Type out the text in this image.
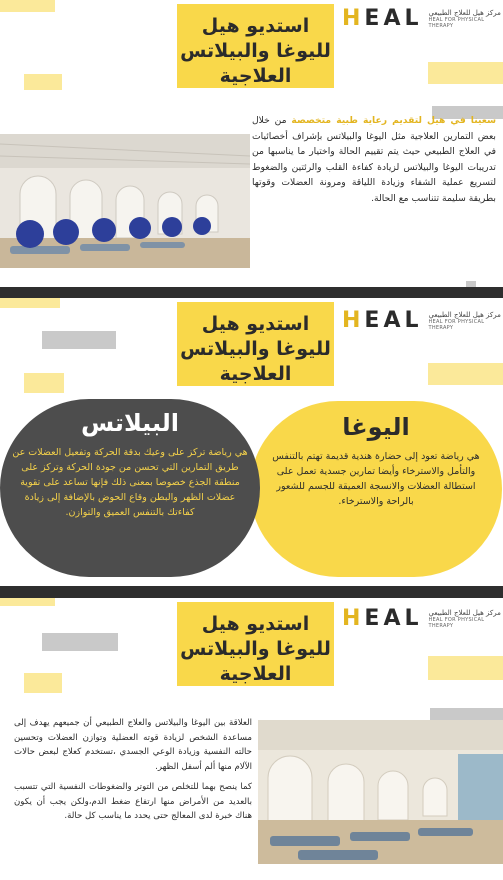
استديو هيل
لليوغا والبيلاتس
العلاجية
HEAL مركز هيل للعلاج الطبيعي
HEAL FOR PHYSICAL THERAPY
سعينا في هيل لتقديم رعاية طبية متخصصة من خلال بعض التمارين العلاجية مثل اليوغا والبيلاتس بإشراف أخصائيات في العلاج الطبيعي حيث يتم تقييم الحالة واختيار ما يناسبها من تدريبات اليوغا والبيلاتس لزيادة كفاءة القلب والرئتين والضغوط لتسريع عملية الشفاء وزيادة اللياقة ومرونة العضلات وقوتها بطريقة سليمة تتناسب مع الحالة.
استديو هيل
لليوغا والبيلاتس
العلاجية
HEAL مركز هيل للعلاج الطبيعي
HEAL FOR PHYSICAL THERAPY
اليوغا
هي رياضة تعود إلى حضارة هندية قديمة تهتم بالتنفس والتأمل والاسترخاء وأيضا تمارين جسدية تعمل على استطالة العضلات والانسجة العميقة للجسم للشعور بالراحة والاسترخاء.
البيلاتس
هي رياضة تركز على وعيك بدقة الحركة وتفعيل العضلات عن طريق التمارين التي تحسن من جودة الحركة وتركز على منطقة الجذع خصوصا بمعنى ذلك فإنها تساعد على تقوية عضلات الظهر والبطن وقاع الحوض بالإضافة إلى زيادة كفاءتك بالتنفس العميق والتوازن.
استديو هيل
لليوغا والبيلاتس
العلاجية
HEAL مركز هيل للعلاج الطبيعي
HEAL FOR PHYSICAL THERAPY

العلاقة بين اليوغا والبيلاتس والعلاج الطبيعي أن جميعهم يهدف إلى مساعدة الشخص لزيادة قوته العضلية وتوازن العضلات وتحسين حالته النفسية وزيادة الوعي الجسدي ،تستخدم كعلاج لبعض حالات الآلام منها ألم أسفل الظهر.

كما ينصح بهما للتخلص من التوتر والضغوطات النفسية التي تتسبب بالعديد من الأمراض منها ارتفاع ضغط الدم،ولكن يجب أن يكون هناك خبرة لدى المعالج حتى يحدد ما يناسب كل حالة.
